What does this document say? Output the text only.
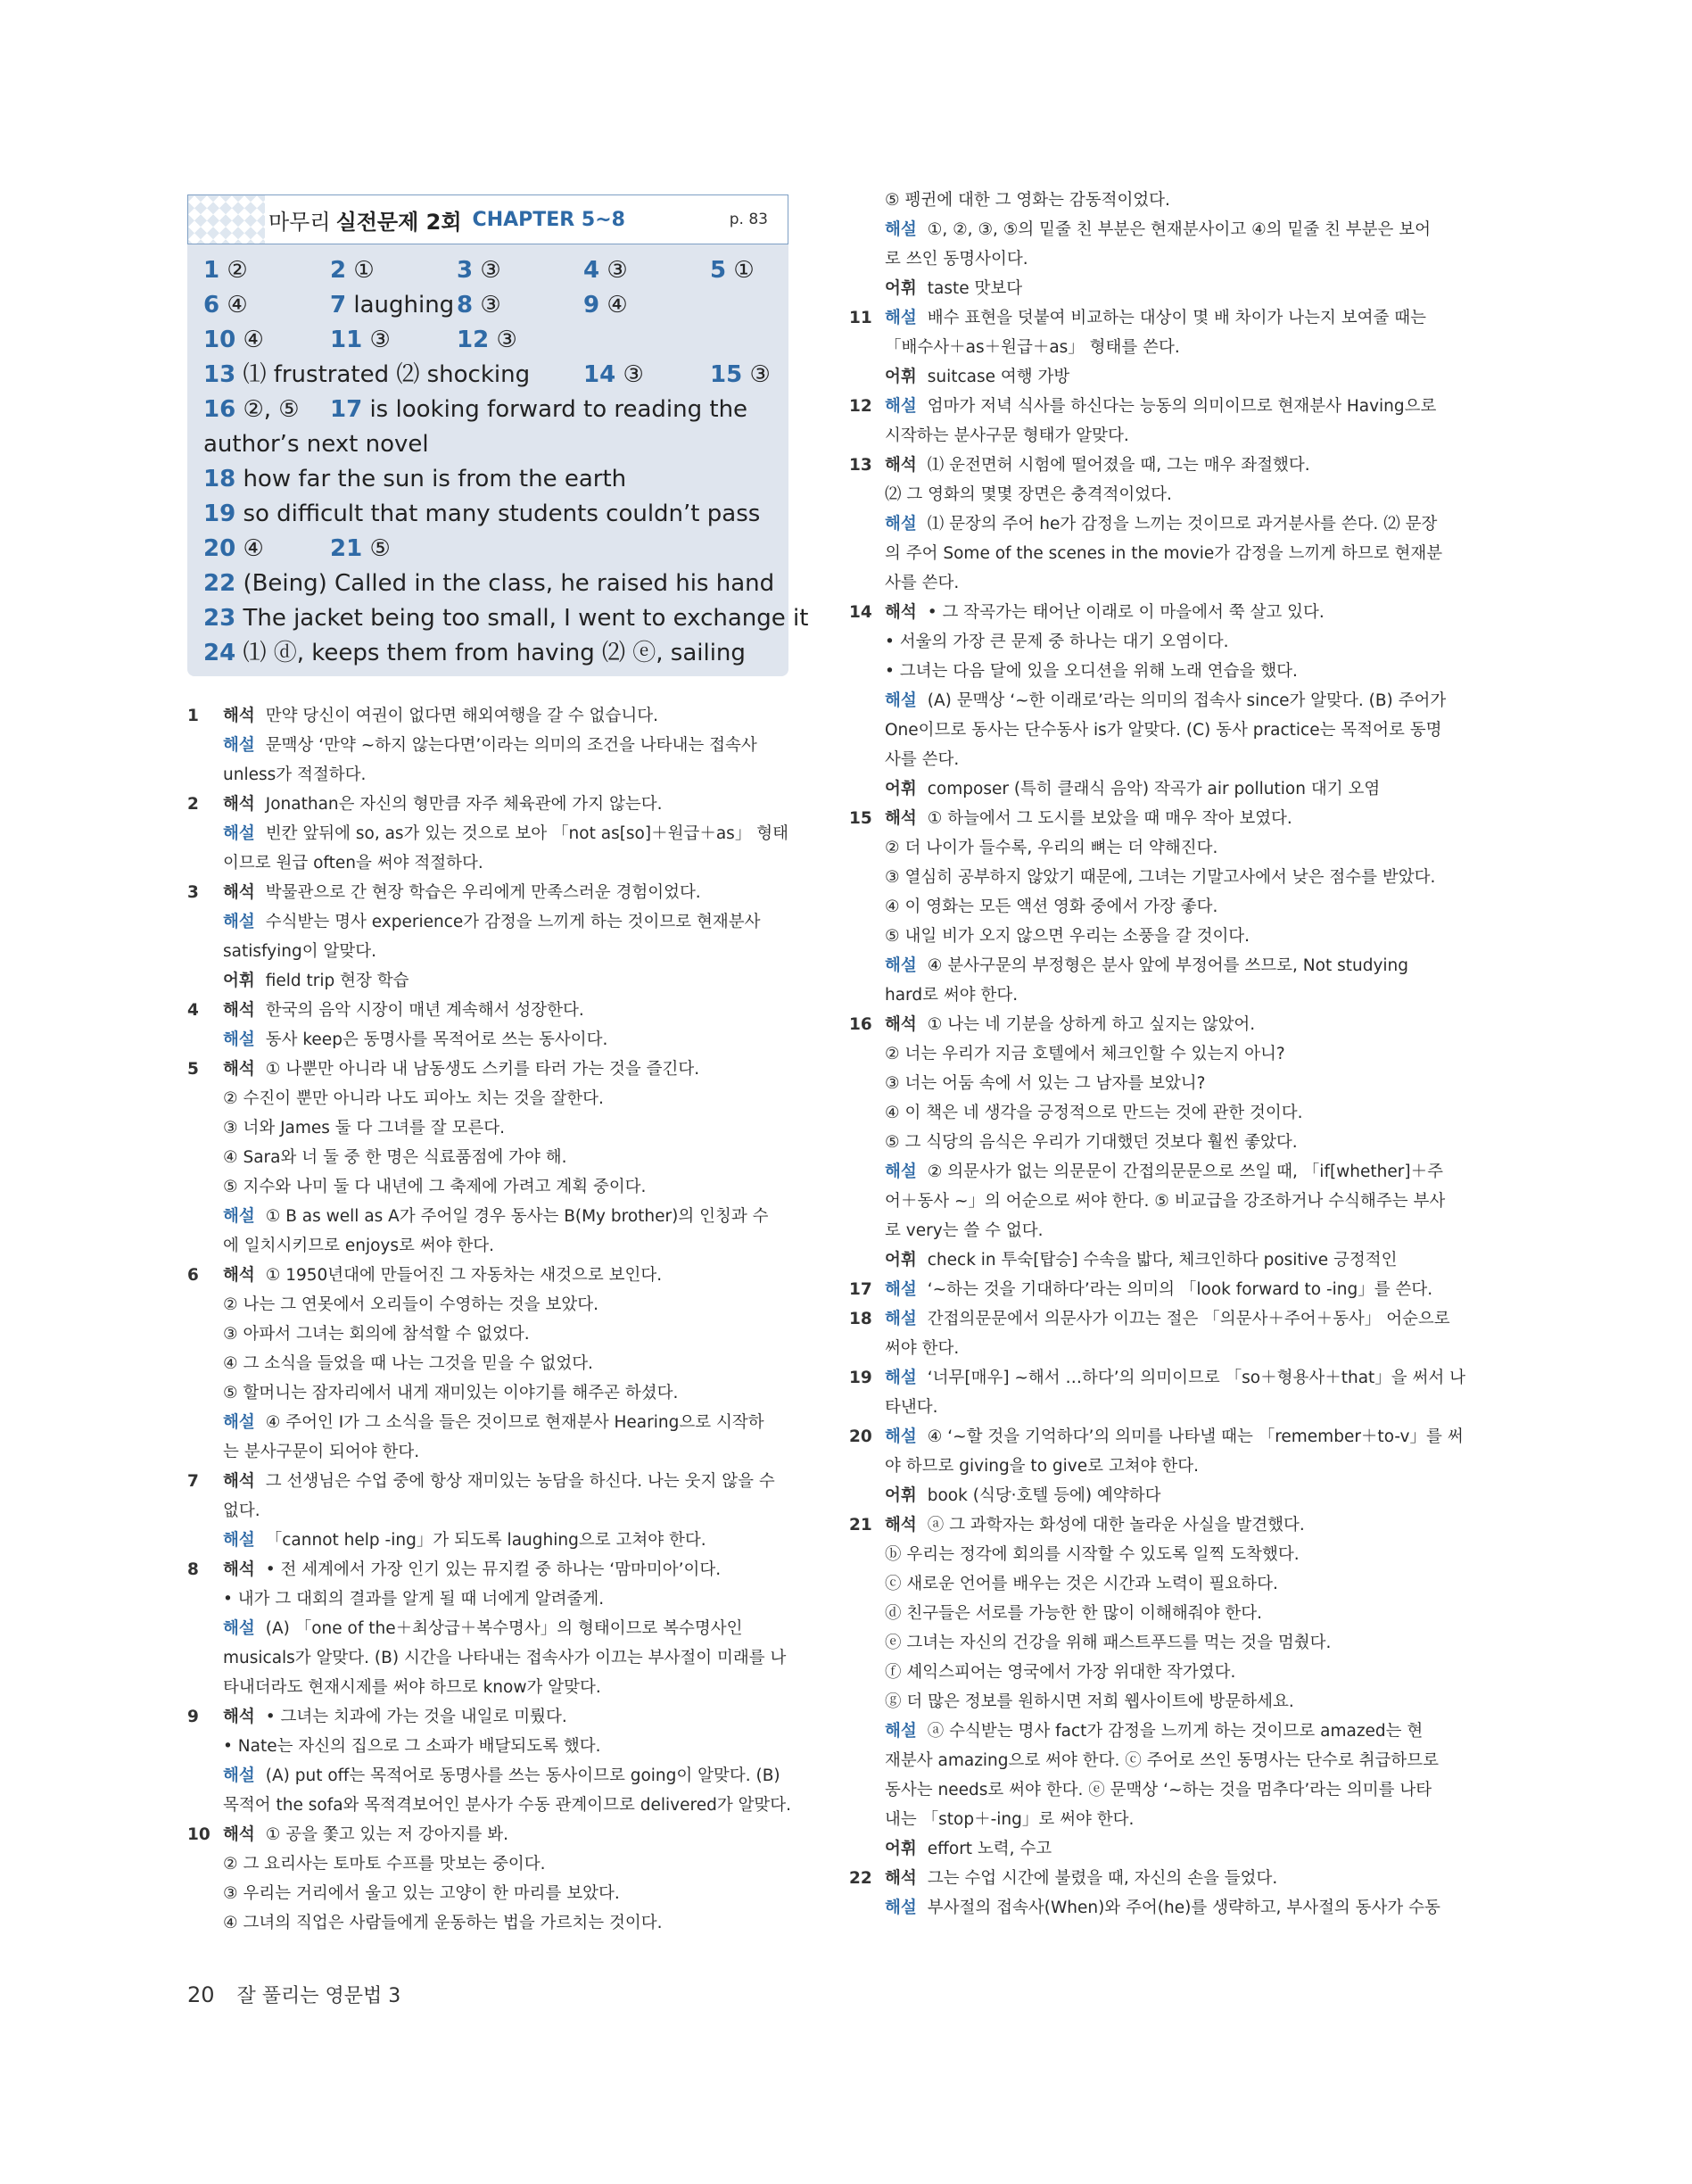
마무리 실전문제 2회 CHAPTER 5~8	p. 83
1 ②	2 ①	3 ③	4 ③	5 ①
6 ④	7 laughing 8 ③	9 ④
10 ④	11 ③	12 ③
13 ⑴ frustrated ⑵ shocking 14 ③	15 ③
16 ②, ⑤ 17 is looking forward to reading the
author’s next novel
18 how far the sun is from the earth
19 so difficult that many students couldn’t pass
20 ④	21 ⑤
22 (Being) Called in the class, he raised his hand
23 The jacket being too small, I went to exchange it
24 ⑴ ⓓ, keeps them from having ⑵ ⓔ, sailing
1 해석 만약 당신이 여권이 없다면 해외여행을 갈 수 없습니다.
해설 문맥상 ‘만약 ~하지 않는다면’이라는 의미의 조건을 나타내는 접속사
unless가 적절하다.
2 해석 Jonathan은 자신의 형만큼 자주 체육관에 가지 않는다.
해설 빈칸 앞뒤에 so, as가 있는 것으로 보아 「not as[so]＋원급＋as」 형태
이므로 원급 often을 써야 적절하다.
3 해석 박물관으로 간 현장 학습은 우리에게 만족스러운 경험이었다.
해설 수식받는 명사 experience가 감정을 느끼게 하는 것이므로 현재분사
satisfying이 알맞다.
어휘 field trip 현장 학습
4 해석 한국의 음악 시장이 매년 계속해서 성장한다.
해설 동사 keep은 동명사를 목적어로 쓰는 동사이다.
5 해석 ① 나뿐만 아니라 내 남동생도 스키를 타러 가는 것을 즐긴다.
② 수진이 뿐만 아니라 나도 피아노 치는 것을 잘한다.
③ 너와 James 둘 다 그녀를 잘 모른다.
④ Sara와 너 둘 중 한 명은 식료품점에 가야 해.
⑤ 지수와 나미 둘 다 내년에 그 축제에 가려고 계획 중이다.
해설 ① B as well as A가 주어일 경우 동사는 B(My brother)의 인칭과 수
에 일치시키므로 enjoys로 써야 한다.
6 해석 ① 1950년대에 만들어진 그 자동차는 새것으로 보인다.
② 나는 그 연못에서 오리들이 수영하는 것을 보았다.
③ 아파서 그녀는 회의에 참석할 수 없었다.
④ 그 소식을 들었을 때 나는 그것을 믿을 수 없었다.
⑤ 할머니는 잠자리에서 내게 재미있는 이야기를 해주곤 하셨다.
해설 ④ 주어인 I가 그 소식을 들은 것이므로 현재분사 Hearing으로 시작하
는 분사구문이 되어야 한다.
7 해석 그 선생님은 수업 중에 항상 재미있는 농담을 하신다. 나는 웃지 않을 수
없다.
해설 「cannot help -ing」가 되도록 laughing으로 고쳐야 한다.
8 해석 • 전 세계에서 가장 인기 있는 뮤지컬 중 하나는 ‘맘마미아’이다.
• 내가 그 대회의 결과를 알게 될 때 너에게 알려줄게.
해설 (A) 「one of the＋최상급＋복수명사」의 형태이므로 복수명사인
musicals가 알맞다. (B) 시간을 나타내는 접속사가 이끄는 부사절이 미래를 나
타내더라도 현재시제를 써야 하므로 know가 알맞다.
9 해석 • 그녀는 치과에 가는 것을 내일로 미뤘다.
• Nate는 자신의 집으로 그 소파가 배달되도록 했다.
해설 (A) put off는 목적어로 동명사를 쓰는 동사이므로 going이 알맞다. (B)
목적어 the sofa와 목적격보어인 분사가 수동 관계이므로 delivered가 알맞다.
10 해석 ① 공을 쫓고 있는 저 강아지를 봐.
② 그 요리사는 토마토 수프를 맛보는 중이다.
③ 우리는 거리에서 울고 있는 고양이 한 마리를 보았다.
④ 그녀의 직업은 사람들에게 운동하는 법을 가르치는 것이다.
⑤ 펭귄에 대한 그 영화는 감동적이었다.
해설 ①, ②, ③, ⑤의 밑줄 친 부분은 현재분사이고 ④의 밑줄 친 부분은 보어
로 쓰인 동명사이다.
어휘 taste 맛보다
11 해설 배수 표현을 덧붙여 비교하는 대상이 몇 배 차이가 나는지 보여줄 때는
「배수사＋as＋원급＋as」 형태를 쓴다.
어휘 suitcase 여행 가방
12 해설 엄마가 저녁 식사를 하신다는 능동의 의미이므로 현재분사 Having으로
시작하는 분사구문 형태가 알맞다.
13 해석 ⑴ 운전면허 시험에 떨어졌을 때, 그는 매우 좌절했다.
⑵ 그 영화의 몇몇 장면은 충격적이었다.
해설 ⑴ 문장의 주어 he가 감정을 느끼는 것이므로 과거분사를 쓴다. ⑵ 문장
의 주어 Some of the scenes in the movie가 감정을 느끼게 하므로 현재분
사를 쓴다.
14 해석 • 그 작곡가는 태어난 이래로 이 마을에서 쭉 살고 있다.
• 서울의 가장 큰 문제 중 하나는 대기 오염이다.
• 그녀는 다음 달에 있을 오디션을 위해 노래 연습을 했다.
해설 (A) 문맥상 ‘~한 이래로’라는 의미의 접속사 since가 알맞다. (B) 주어가
One이므로 동사는 단수동사 is가 알맞다. (C) 동사 practice는 목적어로 동명
사를 쓴다.
어휘 composer (특히 클래식 음악) 작곡가 air pollution 대기 오염
15 해석 ① 하늘에서 그 도시를 보았을 때 매우 작아 보였다.
② 더 나이가 들수록, 우리의 뼈는 더 약해진다.
③ 열심히 공부하지 않았기 때문에, 그녀는 기말고사에서 낮은 점수를 받았다.
④ 이 영화는 모든 액션 영화 중에서 가장 좋다.
⑤ 내일 비가 오지 않으면 우리는 소풍을 갈 것이다.
해설 ④ 분사구문의 부정형은 분사 앞에 부정어를 쓰므로, Not studying
hard로 써야 한다.
16 해석 ① 나는 네 기분을 상하게 하고 싶지는 않았어.
② 너는 우리가 지금 호텔에서 체크인할 수 있는지 아니?
③ 너는 어둠 속에 서 있는 그 남자를 보았니?
④ 이 책은 네 생각을 긍정적으로 만드는 것에 관한 것이다.
⑤ 그 식당의 음식은 우리가 기대했던 것보다 훨씬 좋았다.
해설 ② 의문사가 없는 의문문이 간접의문문으로 쓰일 때, 「if[whether]＋주
어＋동사 ~」의 어순으로 써야 한다. ⑤ 비교급을 강조하거나 수식해주는 부사
로 very는 쓸 수 없다.
어휘 check in 투숙[탑승] 수속을 밟다, 체크인하다 positive 긍정적인
17 해설 ‘~하는 것을 기대하다’라는 의미의 「look forward to -ing」를 쓴다.
18 해설 간접의문문에서 의문사가 이끄는 절은 「의문사＋주어＋동사」 어순으로
써야 한다.
19 해설 ‘너무[매우] ~해서 …하다’의 의미이므로 「so＋형용사＋that」을 써서 나
타낸다.
20 해설 ④ ‘~할 것을 기억하다’의 의미를 나타낼 때는 「remember＋to-v」를 써
야 하므로 giving을 to give로 고쳐야 한다.
어휘 book (식당·호텔 등에) 예약하다
21 해석 ⓐ 그 과학자는 화성에 대한 놀라운 사실을 발견했다.
ⓑ 우리는 정각에 회의를 시작할 수 있도록 일찍 도착했다.
ⓒ 새로운 언어를 배우는 것은 시간과 노력이 필요하다.
ⓓ 친구들은 서로를 가능한 한 많이 이해해줘야 한다.
ⓔ 그녀는 자신의 건강을 위해 패스트푸드를 먹는 것을 멈췄다.
ⓕ 셰익스피어는 영국에서 가장 위대한 작가였다.
ⓖ 더 많은 정보를 원하시면 저희 웹사이트에 방문하세요.
해설 ⓐ 수식받는 명사 fact가 감정을 느끼게 하는 것이므로 amazed는 현
재분사 amazing으로 써야 한다. ⓒ 주어로 쓰인 동명사는 단수로 취급하므로
동사는 needs로 써야 한다. ⓔ 문맥상 ‘~하는 것을 멈추다’라는 의미를 나타
내는 「stop＋-ing」로 써야 한다.
어휘 effort 노력, 수고
22 해석 그는 수업 시간에 불렸을 때, 자신의 손을 들었다.
해설 부사절의 접속사(When)와 주어(he)를 생략하고, 부사절의 동사가 수동
20 잘 풀리는 영문법 3
